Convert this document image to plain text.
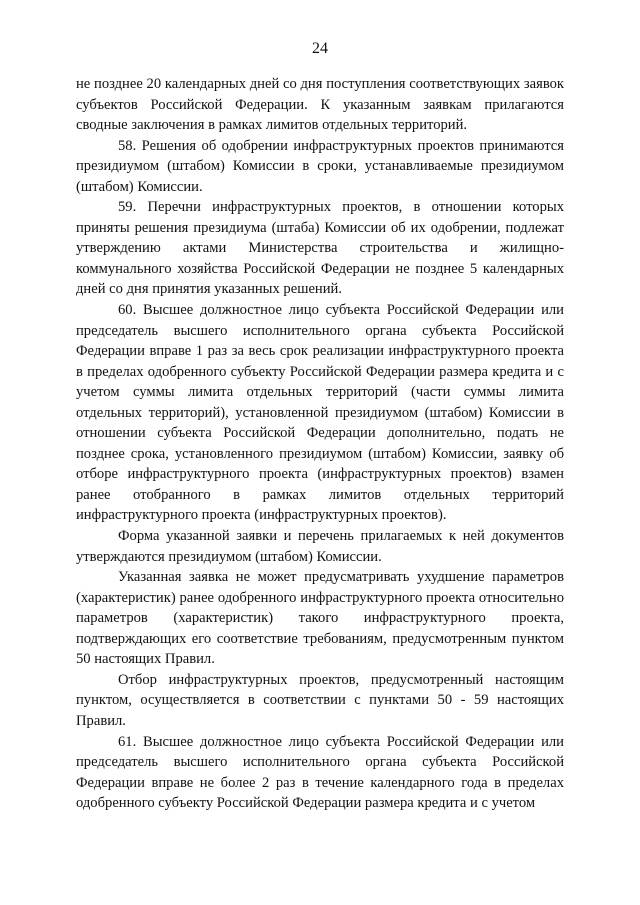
24

не позднее 20 календарных дней со дня поступления соответствующих заявок субъектов Российской Федерации. К указанным заявкам прилагаются сводные заключения в рамках лимитов отдельных территорий.

58. Решения об одобрении инфраструктурных проектов принимаются президиумом (штабом) Комиссии в сроки, устанавливаемые президиумом (штабом) Комиссии.

59. Перечни инфраструктурных проектов, в отношении которых приняты решения президиума (штаба) Комиссии об их одобрении, подлежат утверждению актами Министерства строительства и жилищно-коммунального хозяйства Российской Федерации не позднее 5 календарных дней со дня принятия указанных решений.

60. Высшее должностное лицо субъекта Российской Федерации или председатель высшего исполнительного органа субъекта Российской Федерации вправе 1 раз за весь срок реализации инфраструктурного проекта в пределах одобренного субъекту Российской Федерации размера кредита и с учетом суммы лимита отдельных территорий (части суммы лимита отдельных территорий), установленной президиумом (штабом) Комиссии в отношении субъекта Российской Федерации дополнительно, подать не позднее срока, установленного президиумом (штабом) Комиссии, заявку об отборе инфраструктурного проекта (инфраструктурных проектов) взамен ранее отобранного в рамках лимитов отдельных территорий инфраструктурного проекта (инфраструктурных проектов).

Форма указанной заявки и перечень прилагаемых к ней документов утверждаются президиумом (штабом) Комиссии.

Указанная заявка не может предусматривать ухудшение параметров (характеристик) ранее одобренного инфраструктурного проекта относительно параметров (характеристик) такого инфраструктурного проекта, подтверждающих его соответствие требованиям, предусмотренным пунктом 50 настоящих Правил.

Отбор инфраструктурных проектов, предусмотренный настоящим пунктом, осуществляется в соответствии с пунктами 50 - 59 настоящих Правил.

61. Высшее должностное лицо субъекта Российской Федерации или председатель высшего исполнительного органа субъекта Российской Федерации вправе не более 2 раз в течение календарного года в пределах одобренного субъекту Российской Федерации размера кредита и с учетом
